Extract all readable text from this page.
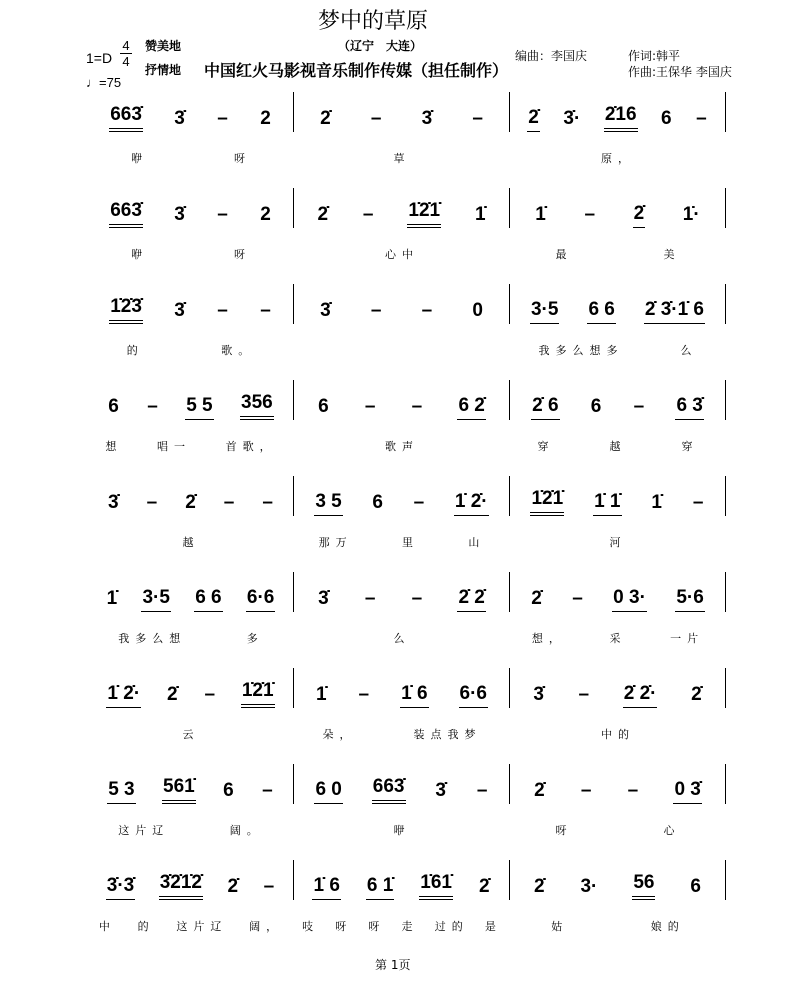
梦中的草原
（辽宁　大连）
赞美地
抒情地
1=D
4
4
♩=75
中国红火马影视音乐制作传媒（担任制作）
编曲：李国庆	作词:韩平
作曲:王保华 李国庆
663̇ 3̇ – 2	2̇ – 3̇ – 2̇ 3̇· 2̇16 6 –
咿	呀	草	原，
663̇ 3̇ – 2 2̇ – 1̇2̇1̇ 1̇	1̇ – 2̇ 1̇·
咿	呀	心中	最	美
1̇2̇3̇ 3̇ – –	3̇ – – 0	3·5 6 6 2̇ 3̇·1̇ 6
的	歌。	我多么想多	么
6 – 5 5 356 6 – – 6 2̇ 2̇ 6 6 – 6 3̇
想	唱一	首歌，	歌声	穿	越	穿
3̇ – 2̇ – – 3 5 6 – 1̇ 2̇· 1̇2̇1̇ 1̇ 1̇ 1̇ –
越	那万	里	山	河
1̇ 3·5 6 6 6·6 3̇ – – 2̇ 2̇ 2̇ – 0 3· 5·6
我多么想	多	么	想，	采	一片
1̇ 2̇· 2̇ – 1̇2̇1̇ 1̇ – 1̇ 6 6·6 3̇ – 2̇ 2̇· 2̇
云	朵，	装点我梦	中的
5 3 561̇ 6 – 6 0 663̇ 3̇ – 2̇ – – 0 3̇
这片辽	阔。	咿	呀	心
3̇·3̇ 3̇2̇1̇2̇ 2̇ – 1̇ 6 6 1̇ 1̇61̇ 2̇ 2̇ 3· 56 6
中 的 这片辽 阔， 吱 呀 呀 走 过的 是	姑	娘的
第 1页
